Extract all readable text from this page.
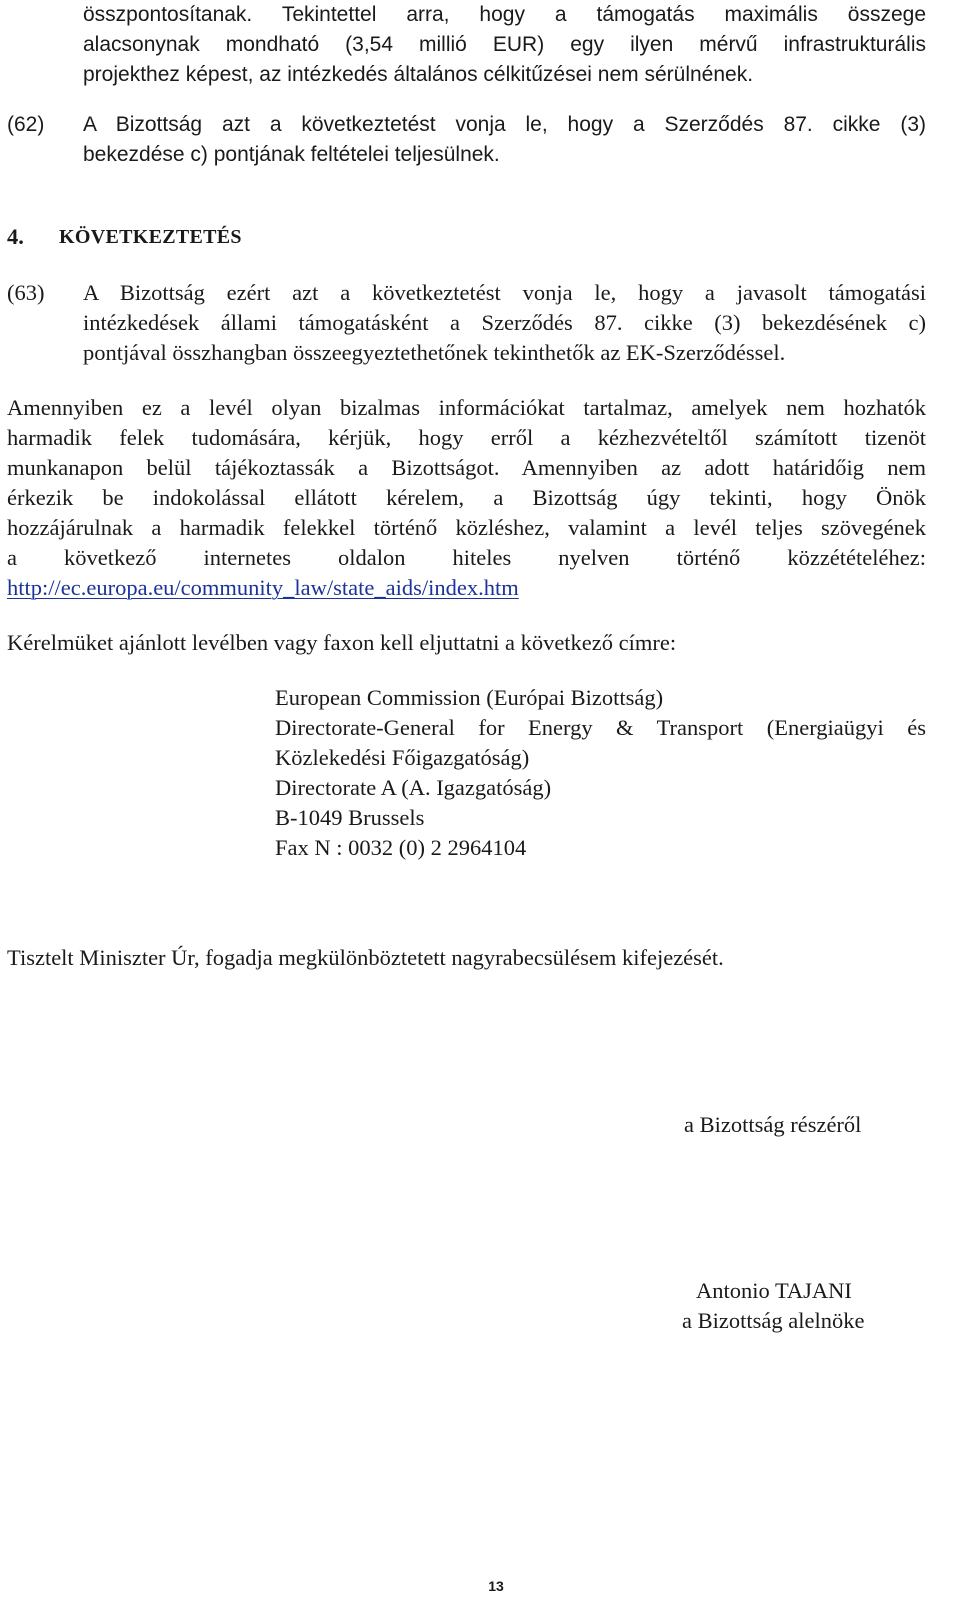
összpontosítanak. Tekintettel arra, hogy a támogatás maximális összege
alacsonynak mondható (3,54 millió EUR) egy ilyen mérvű infrastrukturális
projekthez képest, az intézkedés általános célkitűzései nem sérülnének.
(62)	A Bizottság azt a következtetést vonja le, hogy a Szerződés 87. cikke (3)
bekezdése c) pontjának feltételei teljesülnek.
4. KÖVETKEZTETÉS
(63)	A Bizottság ezért azt a következtetést vonja le, hogy a javasolt támogatási
intézkedések állami támogatásként a Szerződés 87. cikke (3) bekezdésének c)
pontjával összhangban összeegyeztethetőnek tekinthetők az EK-Szerződéssel.
Amennyiben ez a levél olyan bizalmas információkat tartalmaz, amelyek nem hozhatók
harmadik felek tudomására, kérjük, hogy erről a kézhezvételtől számított tizenöt
munkanapon belül tájékoztassák a Bizottságot. Amennyiben az adott határidőig nem
érkezik be indokolással ellátott kérelem, a Bizottság úgy tekinti, hogy Önök
hozzájárulnak a harmadik felekkel történő közléshez, valamint a levél teljes szövegének
a következő internetes oldalon hiteles nyelven történő közzétételéhez:
http://ec.europa.eu/community_law/state_aids/index.htm
Kérelmüket ajánlott levélben vagy faxon kell eljuttatni a következő címre:
European Commission (Európai Bizottság)
Directorate-General for Energy & Transport (Energiaügyi és
Közlekedési Főigazgatóság)
Directorate A (A. Igazgatóság)
B-1049 Brussels
Fax N : 0032 (0) 2 2964104
Tisztelt Miniszter Úr, fogadja megkülönböztetett nagyrabecsülésem kifejezését.
a Bizottság részéről
Antonio TAJANI
a Bizottság alelnöke
13
